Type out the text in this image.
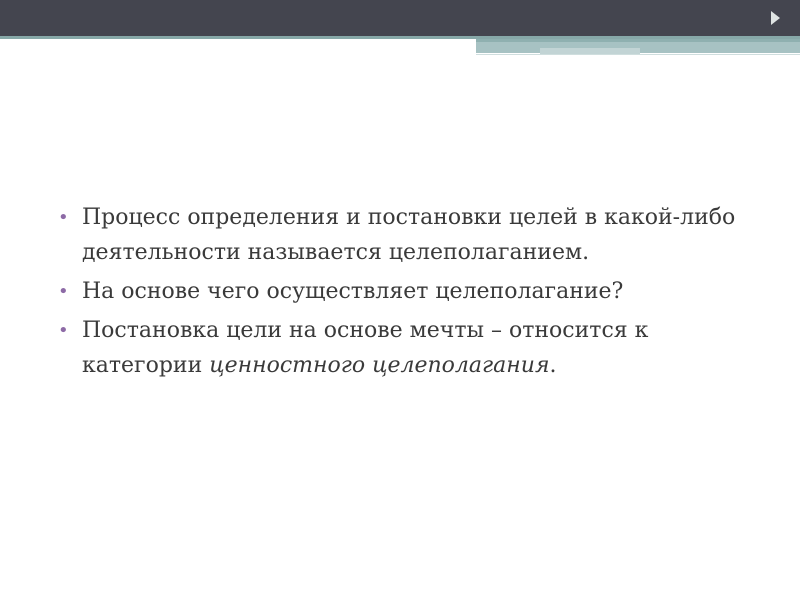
• Процесс определения и постановки целей в какой-либо деятельности называется целеполаганием.
• На основе чего осуществляет целеполагание?
• Постановка цели на основе мечты – относится к категории ценностного целеполагания.
